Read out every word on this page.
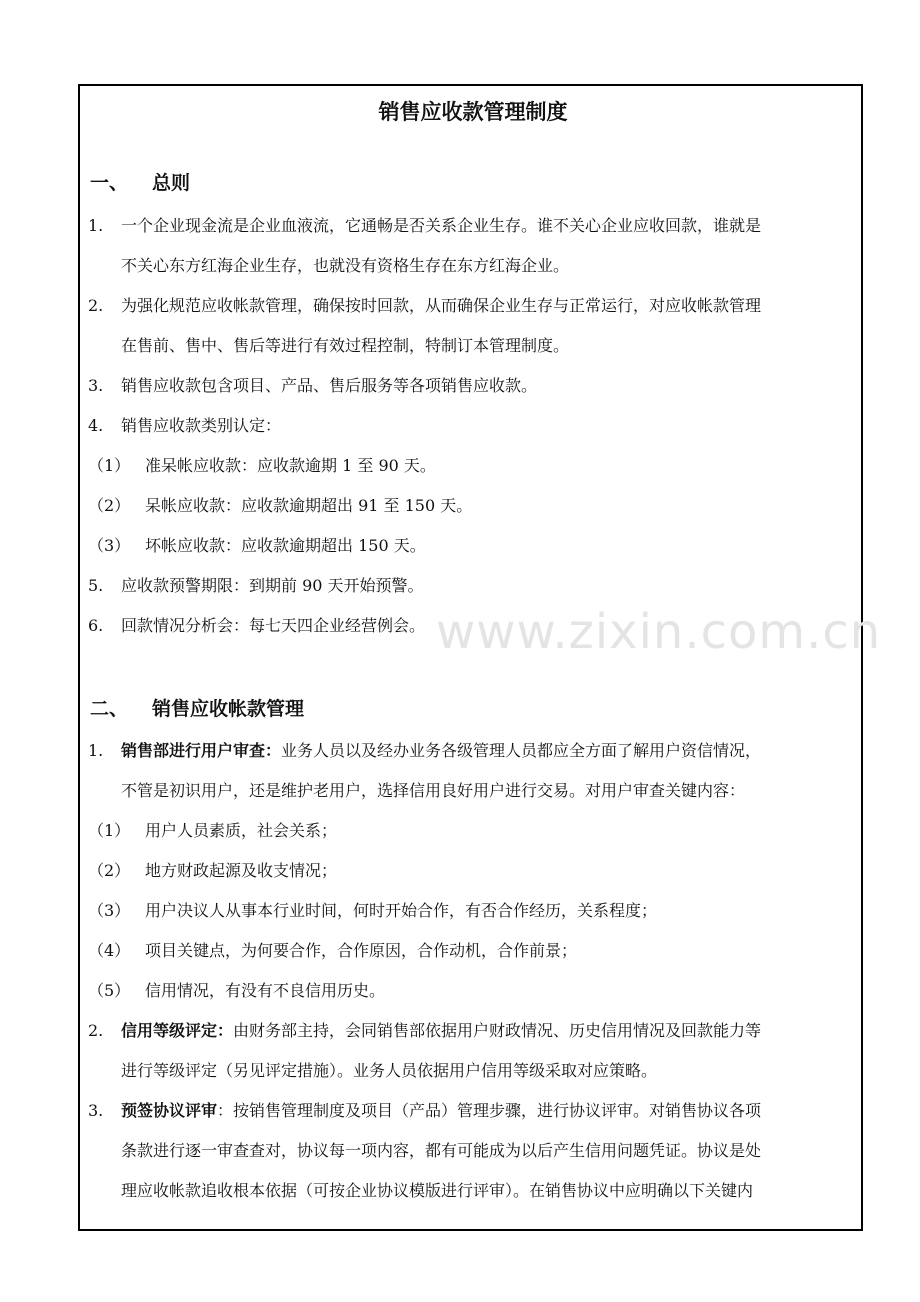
www.zixin.com.cn
销售应收款管理制度
一、 总则
1. 一个企业现金流是企业血液流，它通畅是否关系企业生存。谁不关心企业应收回款，谁就是
不关心东方红海企业生存，也就没有资格生存在东方红海企业。
2. 为强化规范应收帐款管理，确保按时回款，从而确保企业生存与正常运行，对应收帐款管理
在售前、售中、售后等进行有效过程控制，特制订本管理制度。
3. 销售应收款包含项目、产品、售后服务等各项销售应收款。
4. 销售应收款类别认定：
（1） 准呆帐应收款：应收款逾期 1 至 90 天。
（2） 呆帐应收款：应收款逾期超出 91 至 150 天。
（3） 坏帐应收款：应收款逾期超出 150 天。
5. 应收款预警期限：到期前 90 天开始预警。
6. 回款情况分析会：每七天四企业经营例会。
二、 销售应收帐款管理
1. 销售部进行用户审查：业务人员以及经办业务各级管理人员都应全方面了解用户资信情况，
不管是初识用户，还是维护老用户，选择信用良好用户进行交易。对用户审查关键内容：
（1） 用户人员素质，社会关系；
（2） 地方财政起源及收支情况；
（3） 用户决议人从事本行业时间，何时开始合作，有否合作经历，关系程度；
（4） 项目关键点，为何要合作，合作原因，合作动机，合作前景；
（5） 信用情况，有没有不良信用历史。
2. 信用等级评定：由财务部主持，会同销售部依据用户财政情况、历史信用情况及回款能力等
进行等级评定（另见评定措施）。业务人员依据用户信用等级采取对应策略。
3. 预签协议评审：按销售管理制度及项目（产品）管理步骤，进行协议评审。对销售协议各项
条款进行逐一审查查对，协议每一项内容，都有可能成为以后产生信用问题凭证。协议是处
理应收帐款追收根本依据（可按企业协议模版进行评审）。在销售协议中应明确以下关键内
